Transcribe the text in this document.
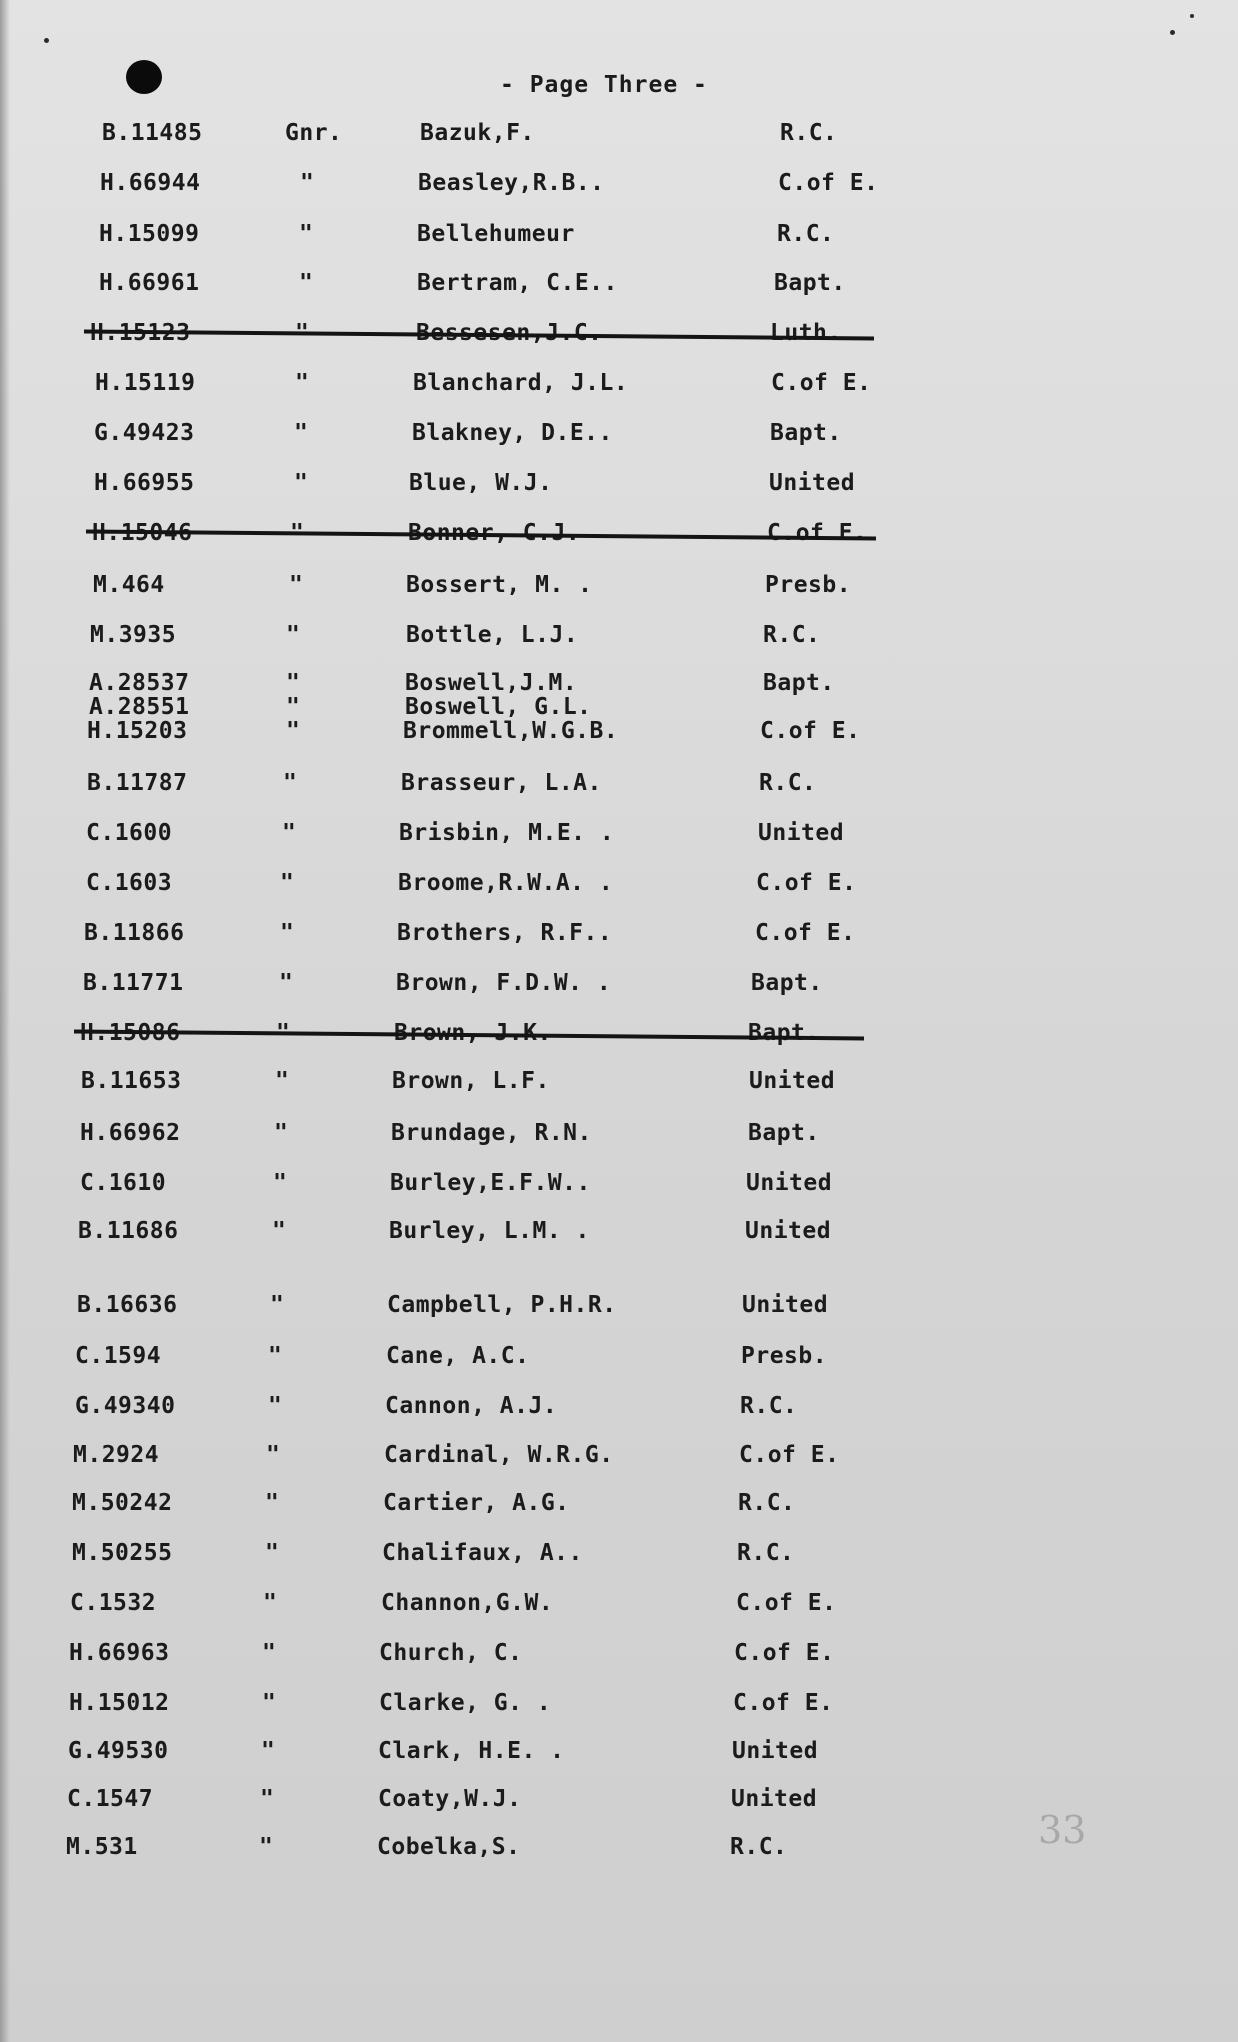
- Page Three -
B.11485	Gnr.	Bazuk,F.	R.C.
H.66944	"	Beasley,R.B..	C.of E.
H.15099	"	Bellehumeur	R.C.
H.66961	"	Bertram, C.E..	Bapt.
H.15123	"	Bessesen,J.C.	Luth.
H.15119	"	Blanchard, J.L.	C.of E.
G.49423	"	Blakney, D.E..	Bapt.
H.66955	"	Blue, W.J.	United
H.15046	"	Bonner, C.J.	C.of E.
M.464	"	Bossert, M. .	Presb.
M.3935	"	Bottle, L.J.	R.C.
A.28537	"	Boswell,J.M.	Bapt.
A.28551	"	Boswell, G.L.
H.15203	"	Brommell,W.G.B.	C.of E.
B.11787	"	Brasseur, L.A.	R.C.
C.1600	"	Brisbin, M.E. .	United
C.1603	"	Broome,R.W.A. .	C.of E.
B.11866	"	Brothers, R.F..	C.of E.
B.11771	"	Brown, F.D.W. .	Bapt.
H.15086	"	Brown, J.K.	Bapt.
B.11653	"	Brown, L.F.	United
H.66962	"	Brundage, R.N.	Bapt.
C.1610	"	Burley,E.F.W..	United
B.11686	"	Burley, L.M. .	United
B.16636	"	Campbell, P.H.R.	United
C.1594	"	Cane, A.C.	Presb.
G.49340	"	Cannon, A.J.	R.C.
M.2924	"	Cardinal, W.R.G.	C.of E.
M.50242	"	Cartier, A.G.	R.C.
M.50255	"	Chalifaux, A..	R.C.
C.1532	"	Channon,G.W.	C.of E.
H.66963	"	Church, C.	C.of E.
H.15012	"	Clarke, G. .	C.of E.
G.49530	"	Clark, H.E. .	United
C.1547	"	Coaty,W.J.	United
M.531	"	Cobelka,S.	R.C.	33
